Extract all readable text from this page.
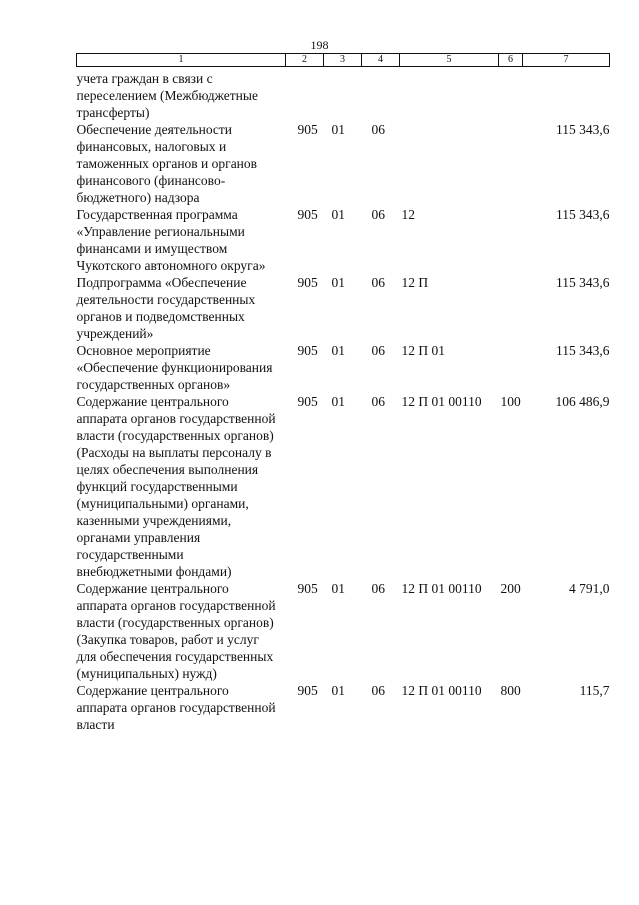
198
1	2	3	4	5	6	7
учета граждан в связи с переселением (Межбюджетные трансферты)						
Обеспечение деятельности финансовых, налоговых и таможенных органов и органов финансового (финансово-бюджетного) надзора	905	01	06			115 343,6
Государственная программа «Управление региональными финансами и имуществом Чукотского автономного округа»	905	01	06	12		115 343,6
Подпрограмма «Обеспечение деятельности государственных органов и подведомственных учреждений»	905	01	06	12 П		115 343,6
Основное мероприятие «Обеспечение функционирования государственных органов»	905	01	06	12 П 01		115 343,6
Содержание центрального аппарата органов государственной власти (государственных органов) (Расходы на выплаты персоналу в целях обеспечения выполнения функций государственными (муниципальными) органами, казенными учреждениями, органами управления государственными внебюджетными фондами)	905	01	06	12 П 01 00110	100	106 486,9
Содержание центрального аппарата органов государственной власти (государственных органов) (Закупка товаров, работ и услуг для обеспечения государственных (муниципальных) нужд)	905	01	06	12 П 01 00110	200	4 791,0
Содержание центрального аппарата органов государственной власти	905	01	06	12 П 01 00110	800	115,7
